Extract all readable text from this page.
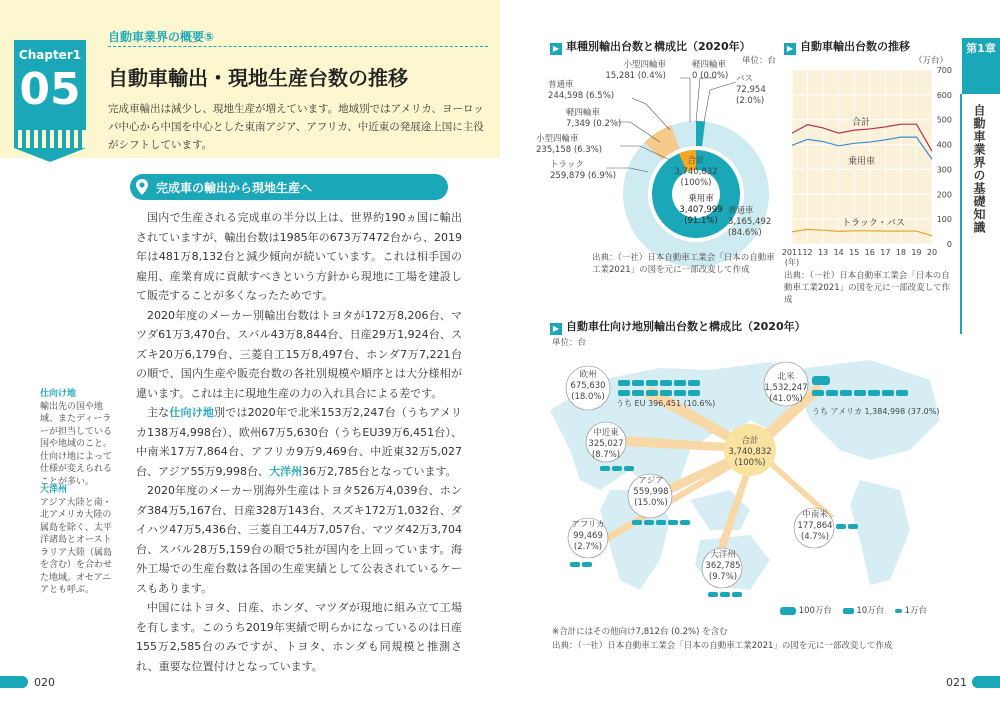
Chapter1
05
自動車業界の概要⑤
自動車輸出・現地生産台数の推移
完成車輸出は減少し、現地生産が増えています。地域別ではアメリカ、ヨーロッパ中心から中国を中心とした東南アジア、アフリカ、中近東の発展途上国に主役がシフトしています。
完成車の輸出から現地生産へ

国内で生産される完成車の半分以上は、世界約190ヵ国に輸出されていますが、輸出台数は1985年の673万7472台から、2019年は481万8,132台と減少傾向が続いています。これは相手国の雇用、産業育成に貢献すべきという方針から現地に工場を建設して販売することが多くなったためです。

2020年度のメーカー別輸出台数はトヨタが172万8,206台、マツダ61万3,470台、スバル43万8,844台、日産29万1,924台、スズキ20万6,179台、三菱自工15万8,497台、ホンダ7万7,221台の順で、国内生産や販売台数の各社別規模や順序とは大分様相が違います。これは主に現地生産の力の入れ具合による差です。

主な仕向け地別では2020年で北米153万2,247台（うちアメリカ138万4,998台）、欧州67万5,630台（うちEU39万6,451台）、中南米17万7,864台、アフリカ9万9,469台、中近東32万5,027台、アジア55万9,998台、大洋州36万2,785台となっています。

2020年度のメーカー別海外生産はトヨタ526万4,039台、ホンダ384万5,167台、日産328万143台、スズキ172万1,032台、ダイハツ47万5,436台、三菱自工44万7,057台、マツダ42万3,704台、スバル28万5,159台の順で5社が国内を上回っています。海外工場での生産台数は各国の生産実績として公表されているケースもあります。

中国にはトヨタ、日産、ホンダ、マツダが現地に組み立て工場を有します。このうち2019年実績で明らかになっているのは日産155万2,585台のみですが、トヨタ、ホンダも同規模と推測され、重要な位置付けとなっています。

仕向け地
輸出先の国や地域、またディーラーが担当している国や地域のこと。仕向け地によって仕様が変えられることが多い。
大洋州
アジア大陸と南・北アメリカ大陸の属島を除く、太平洋諸島とオーストラリア大陸（属島を含む）を合わせた地域。オセアニアとも呼ぶ。
020
第1章
自動車業界の基礎知識
▶ 車種別輸出台数と構成比（2020年）
単位：台
小型四輪車
15,281 (0.4%)
軽四輪車
0 (0.0%) バス
72,954
(2.0%)
普通車
244,598 (6.5%)
軽四輪車
7,349 (0.2%)
小型四輪車
235,158 (6.3%)
トラック
259,879 (6.9%)
合計
3,740,832
(100%)
乗用車
3,407,999
(91.1%)
普通車
3,165,492
(84.6%)
出典：（一社）日本自動車工業会「日本の自動車工業2021」の図を元に一部改変して作成
▶ 自動車輸出台数の推移
（万台）
0
100
200
300
400
500
600
700
2011 12 13 14 15 16 17 18 19 20
(年)
合計
乗用車
トラック・バス
出典：（一社）日本自動車工業会「日本の自動車工業2021」の図を元に一部改変して作成
▶ 自動車仕向け地別輸出台数と構成比（2020年）
単位：台
欧州
675,630
(18.0%)
うち EU 396,451 (10.6%)
北米
1,532,247
(41.0%)
うち アメリカ 1,384,998 (37.0%)
中近東
325,027
(8.7%)
合計
3,740,832
(100%)
アジア
559,998
(15.0%)
アフリカ
99,469
(2.7%)
大洋州
362,785
(9.7%)
中南米
177,864
(4.7%)
100万台	10万台 1万台
※合計にはその他向け7,812台 (0.2%) を含む
出典：（一社）日本自動車工業会「日本の自動車工業2021」の図を元に一部改変して作成
021
